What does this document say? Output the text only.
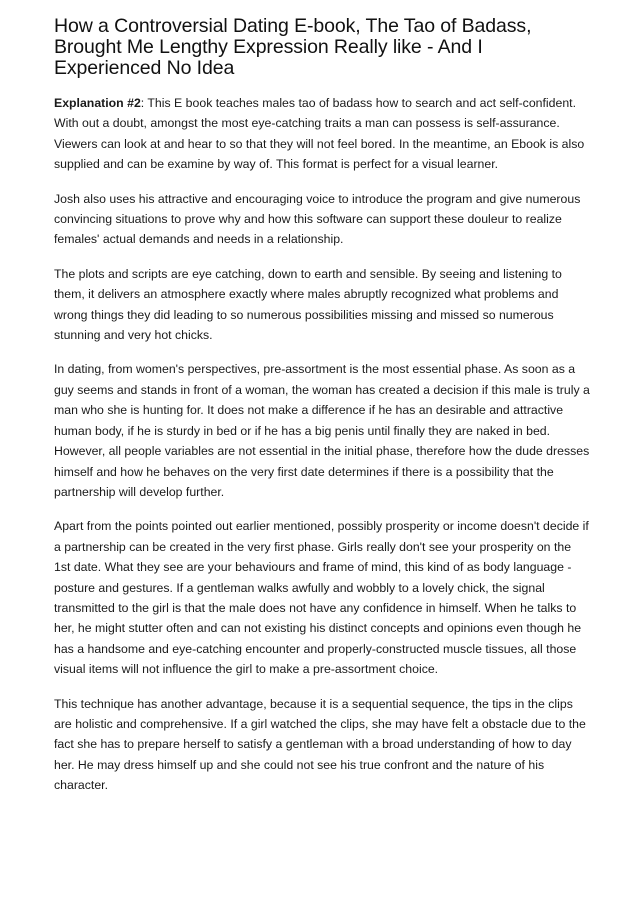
How a Controversial Dating E-book, The Tao of Badass, Brought Me Lengthy Expression Really like - And I Experienced No Idea

Explanation #2: This E book teaches males tao of badass how to search and act self-confident. With out a doubt, amongst the most eye-catching traits a man can possess is self-assurance. Viewers can look at and hear to so that they will not feel bored. In the meantime, an Ebook is also supplied and can be examine by way of. This format is perfect for a visual learner.

Josh also uses his attractive and encouraging voice to introduce the program and give numerous convincing situations to prove why and how this software can support these douleur to realize females' actual demands and needs in a relationship.

The plots and scripts are eye catching, down to earth and sensible. By seeing and listening to them, it delivers an atmosphere exactly where males abruptly recognized what problems and wrong things they did leading to so numerous possibilities missing and missed so numerous stunning and very hot chicks.

In dating, from women's perspectives, pre-assortment is the most essential phase. As soon as a guy seems and stands in front of a woman, the woman has created a decision if this male is truly a man who she is hunting for. It does not make a difference if he has an desirable and attractive human body, if he is sturdy in bed or if he has a big penis until finally they are naked in bed. However, all people variables are not essential in the initial phase, therefore how the dude dresses himself and how he behaves on the very first date determines if there is a possibility that the partnership will develop further.

Apart from the points pointed out earlier mentioned, possibly prosperity or income doesn't decide if a partnership can be created in the very first phase. Girls really don't see your prosperity on the 1st date. What they see are your behaviours and frame of mind, this kind of as body language - posture and gestures. If a gentleman walks awfully and wobbly to a lovely chick, the signal transmitted to the girl is that the male does not have any confidence in himself. When he talks to her, he might stutter often and can not existing his distinct concepts and opinions even though he has a handsome and eye-catching encounter and properly-constructed muscle tissues, all those visual items will not influence the girl to make a pre-assortment choice.

This technique has another advantage, because it is a sequential sequence, the tips in the clips are holistic and comprehensive. If a girl watched the clips, she may have felt a obstacle due to the fact she has to prepare herself to satisfy a gentleman with a broad understanding of how to day her. He may dress himself up and she could not see his true confront and the nature of his character.
